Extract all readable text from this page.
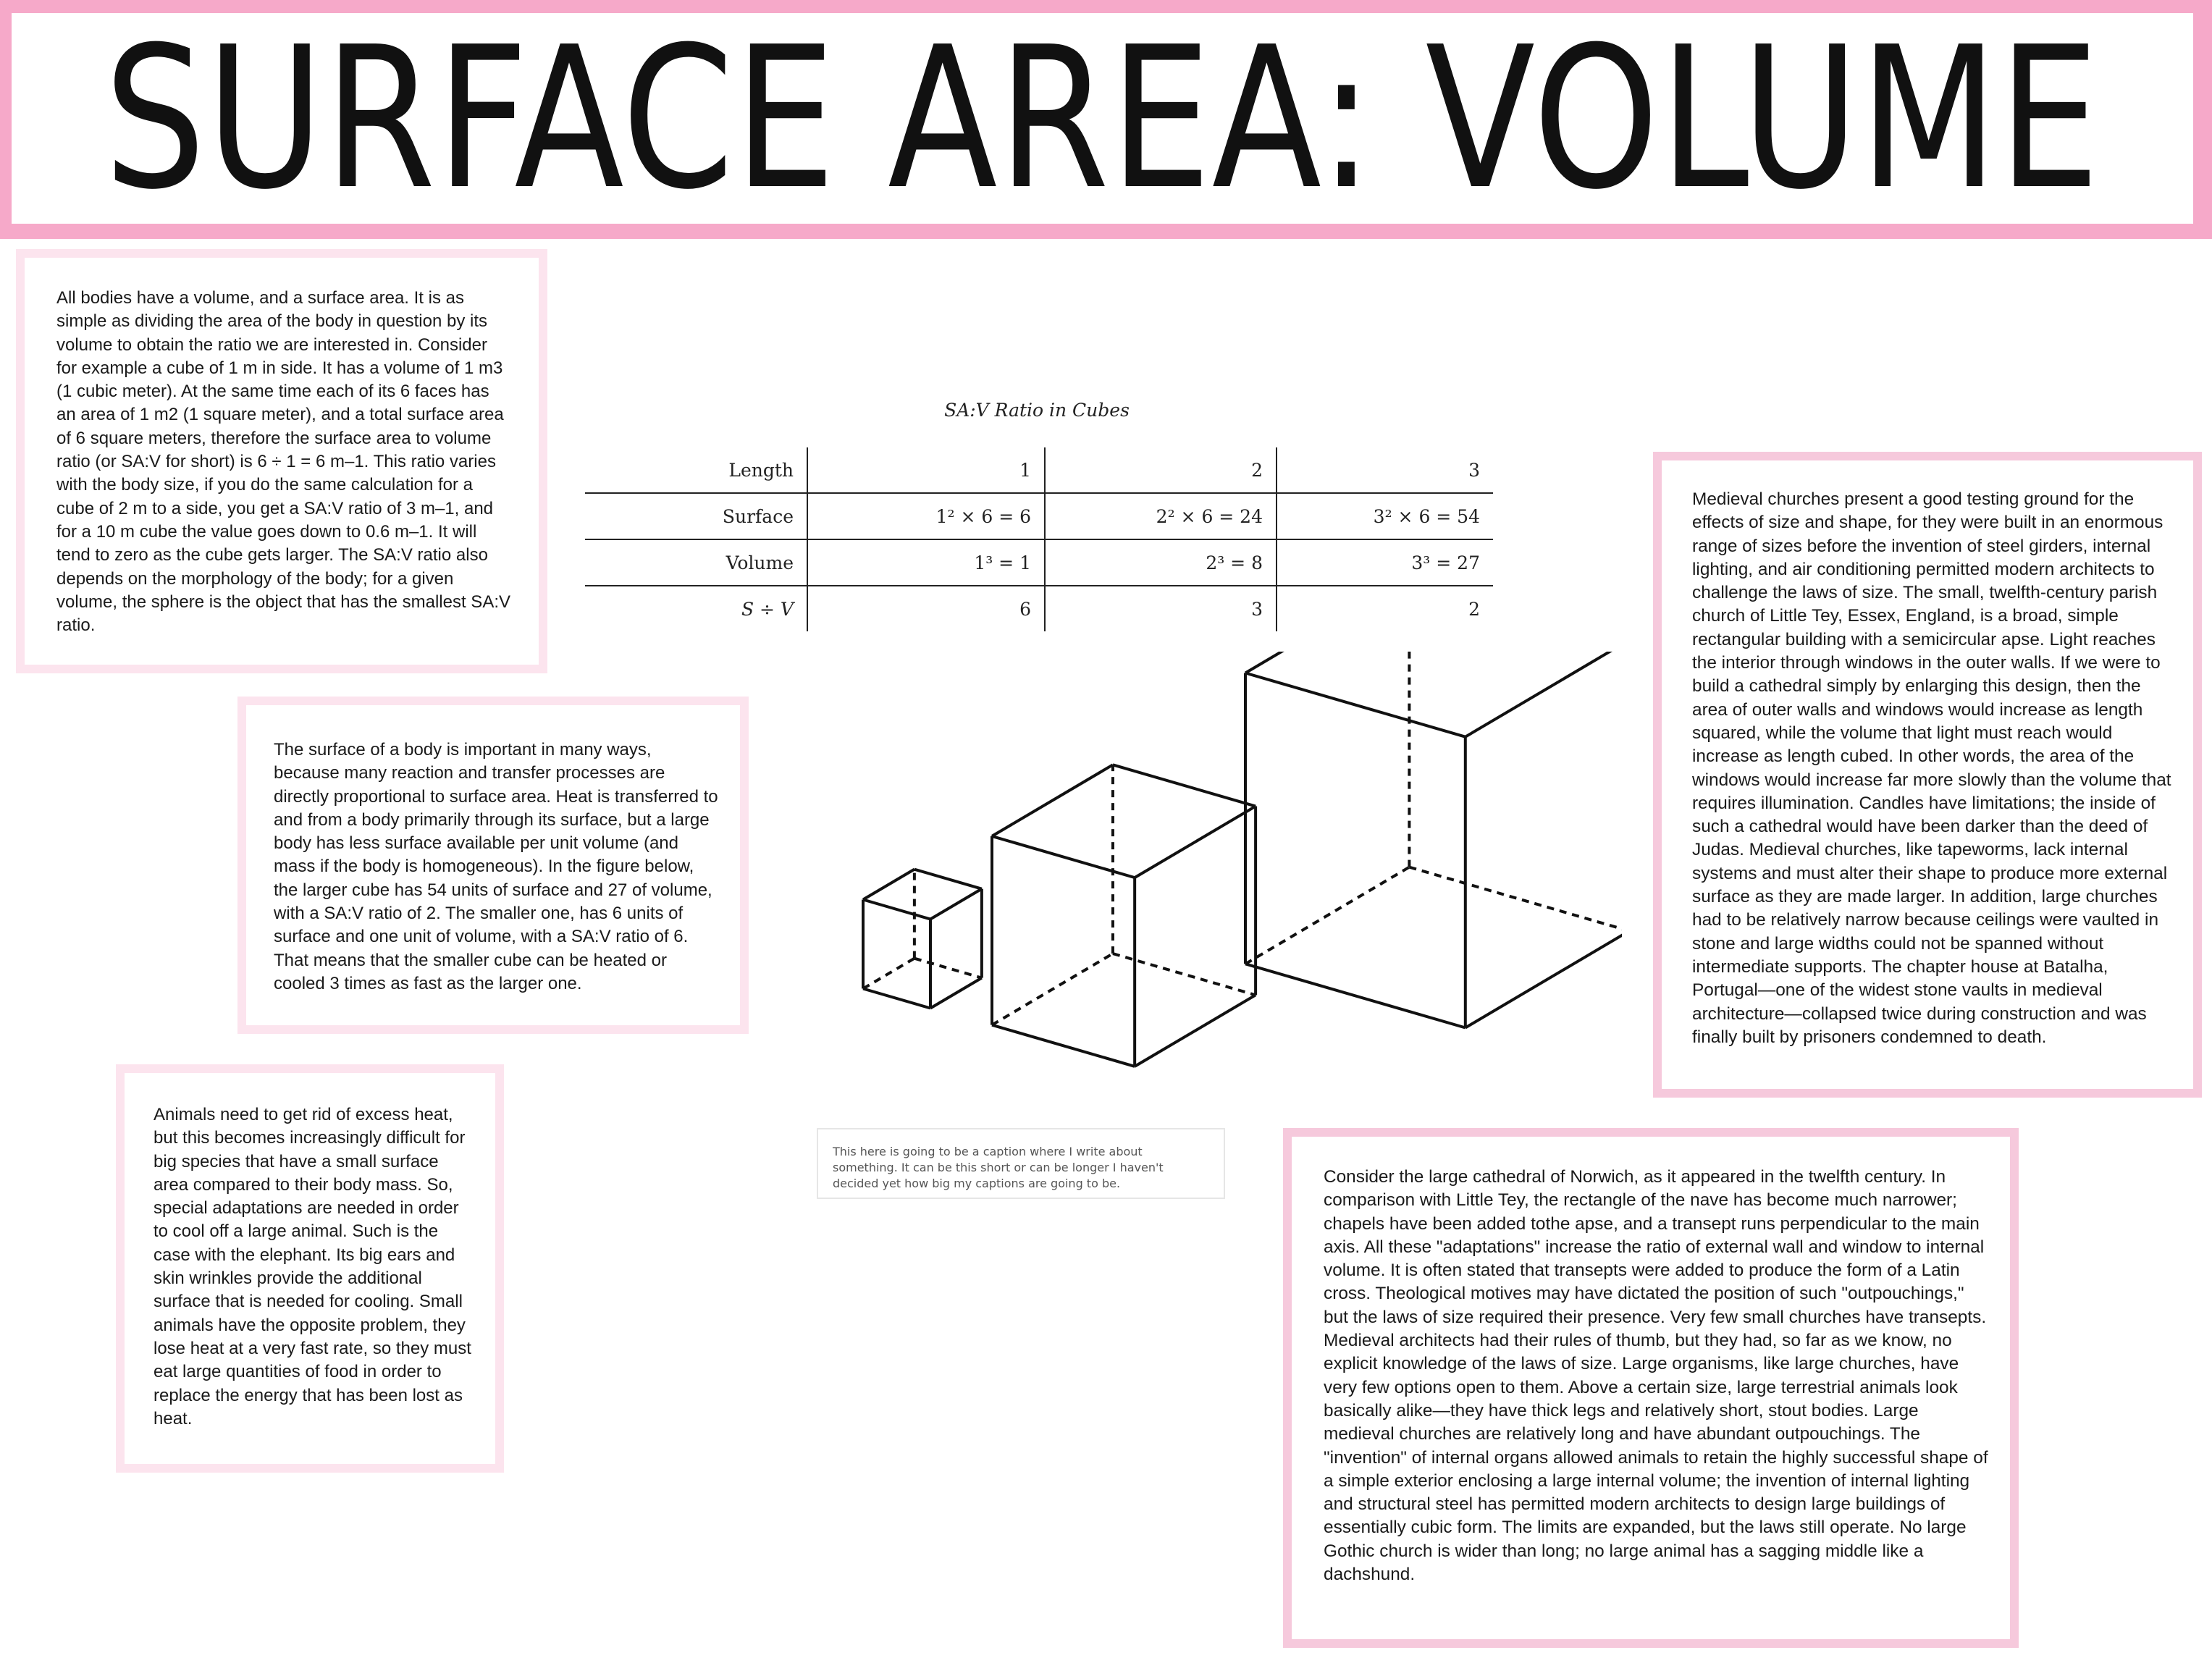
SURFACE AREA: VOLUME

All bodies have a volume, and a surface area. It is as simple as dividing the area of the body in question by its volume to obtain the ratio we are interested in. Consider for example a cube of 1 m in side. It has a volume of 1 m3 (1 cubic meter). At the same time each of its 6 faces has an area of 1 m2 (1 square meter), and a total surface area of 6 square meters, therefore the surface area to volume ratio (or SA:V for short) is 6 ÷ 1 = 6 m–1. This ratio varies with the body size, if you do the same calculation for a cube of 2 m to a side, you get a SA:V ratio of 3 m–1, and for a 10 m cube the value goes down to 0.6 m–1. It will tend to zero as the cube gets larger. The SA:V ratio also depends on the morphology of the body; for a given volume, the sphere is the object that has the smallest SA:V ratio.

The surface of a body is important in many ways, because many reaction and transfer processes are directly proportional to surface area. Heat is transferred to and from a body primarily through its surface, but a large body has less surface available per unit volume (and mass if the body is homogeneous). In the figure below, the larger cube has 54 units of surface and 27 of volume, with a SA:V ratio of 2. The smaller one, has 6 units of surface and one unit of volume, with a SA:V ratio of 6. That means that the smaller cube can be heated or cooled 3 times as fast as the larger one.

Animals need to get rid of excess heat, but this becomes increasingly difficult for big species that have a small surface area compared to their body mass. So, special adaptations are needed in order to cool off a large animal. Such is the case with the elephant. Its big ears and skin wrinkles provide the additional surface that is needed for cooling. Small animals have the opposite problem, they lose heat at a very fast rate, so they must eat large quantities of food in order to replace the energy that has been lost as heat.

Medieval churches present a good testing ground for the effects of size and shape, for they were built in an enormous range of sizes before the invention of steel girders, internal lighting, and air conditioning permitted modern architects to challenge the laws of size. The small, twelfth-century parish church of Little Tey, Essex, England, is a broad, simple rectangular building with a semicircular apse. Light reaches the interior through windows in the outer walls. If we were to build a cathedral simply by enlarging this design, then the area of outer walls and windows would increase as length squared, while the volume that light must reach would increase as length cubed. In other words, the area of the windows would increase far more slowly than the volume that requires illumination. Candles have limitations; the inside of such a cathedral would have been darker than the deed of Judas. Medieval churches, like tapeworms, lack internal systems and must alter their shape to produce more external surface as they are made larger. In addition, large churches had to be relatively narrow because ceilings were vaulted in stone and large widths could not be spanned without intermediate supports. The chapter house at Batalha, Portugal—one of the widest stone vaults in medieval architecture—collapsed twice during construction and was finally built by prisoners condemned to death.

Consider the large cathedral of Norwich, as it appeared in the twelfth century. In comparison with Little Tey, the rectangle of the nave has become much narrower; chapels have been added tothe apse, and a transept runs perpendicular to the main axis. All these "adaptations" increase the ratio of external wall and window to internal volume. It is often stated that transepts were added to produce the form of a Latin cross. Theological motives may have dictated the position of such "outpouchings," but the laws of size required their presence. Very few small churches have transepts. Medieval architects had their rules of thumb, but they had, so far as we know, no explicit knowledge of the laws of size. Large organisms, like large churches, have very few options open to them. Above a certain size, large terrestrial animals look basically alike—they have thick legs and relatively short, stout bodies. Large medieval churches are relatively long and have abundant outpouchings. The "invention" of internal organs allowed animals to retain the highly successful shape of a simple exterior enclosing a large internal volume; the invention of internal lighting and structural steel has permitted modern architects to design large buildings of essentially cubic form. The limits are expanded, but the laws still operate. No large Gothic church is wider than long; no large animal has a sagging middle like a dachshund.

SA:V Ratio in Cubes
Length	1	2	3
Surface	1² × 6 = 6	2² × 6 = 24	3² × 6 = 54
Volume	1³ = 1	2³ = 8	3³ = 27
S ÷ V	6	3	2
This here is going to be a caption where I write about something. It can be this short or can be longer I haven't decided yet how big my captions are going to be.
